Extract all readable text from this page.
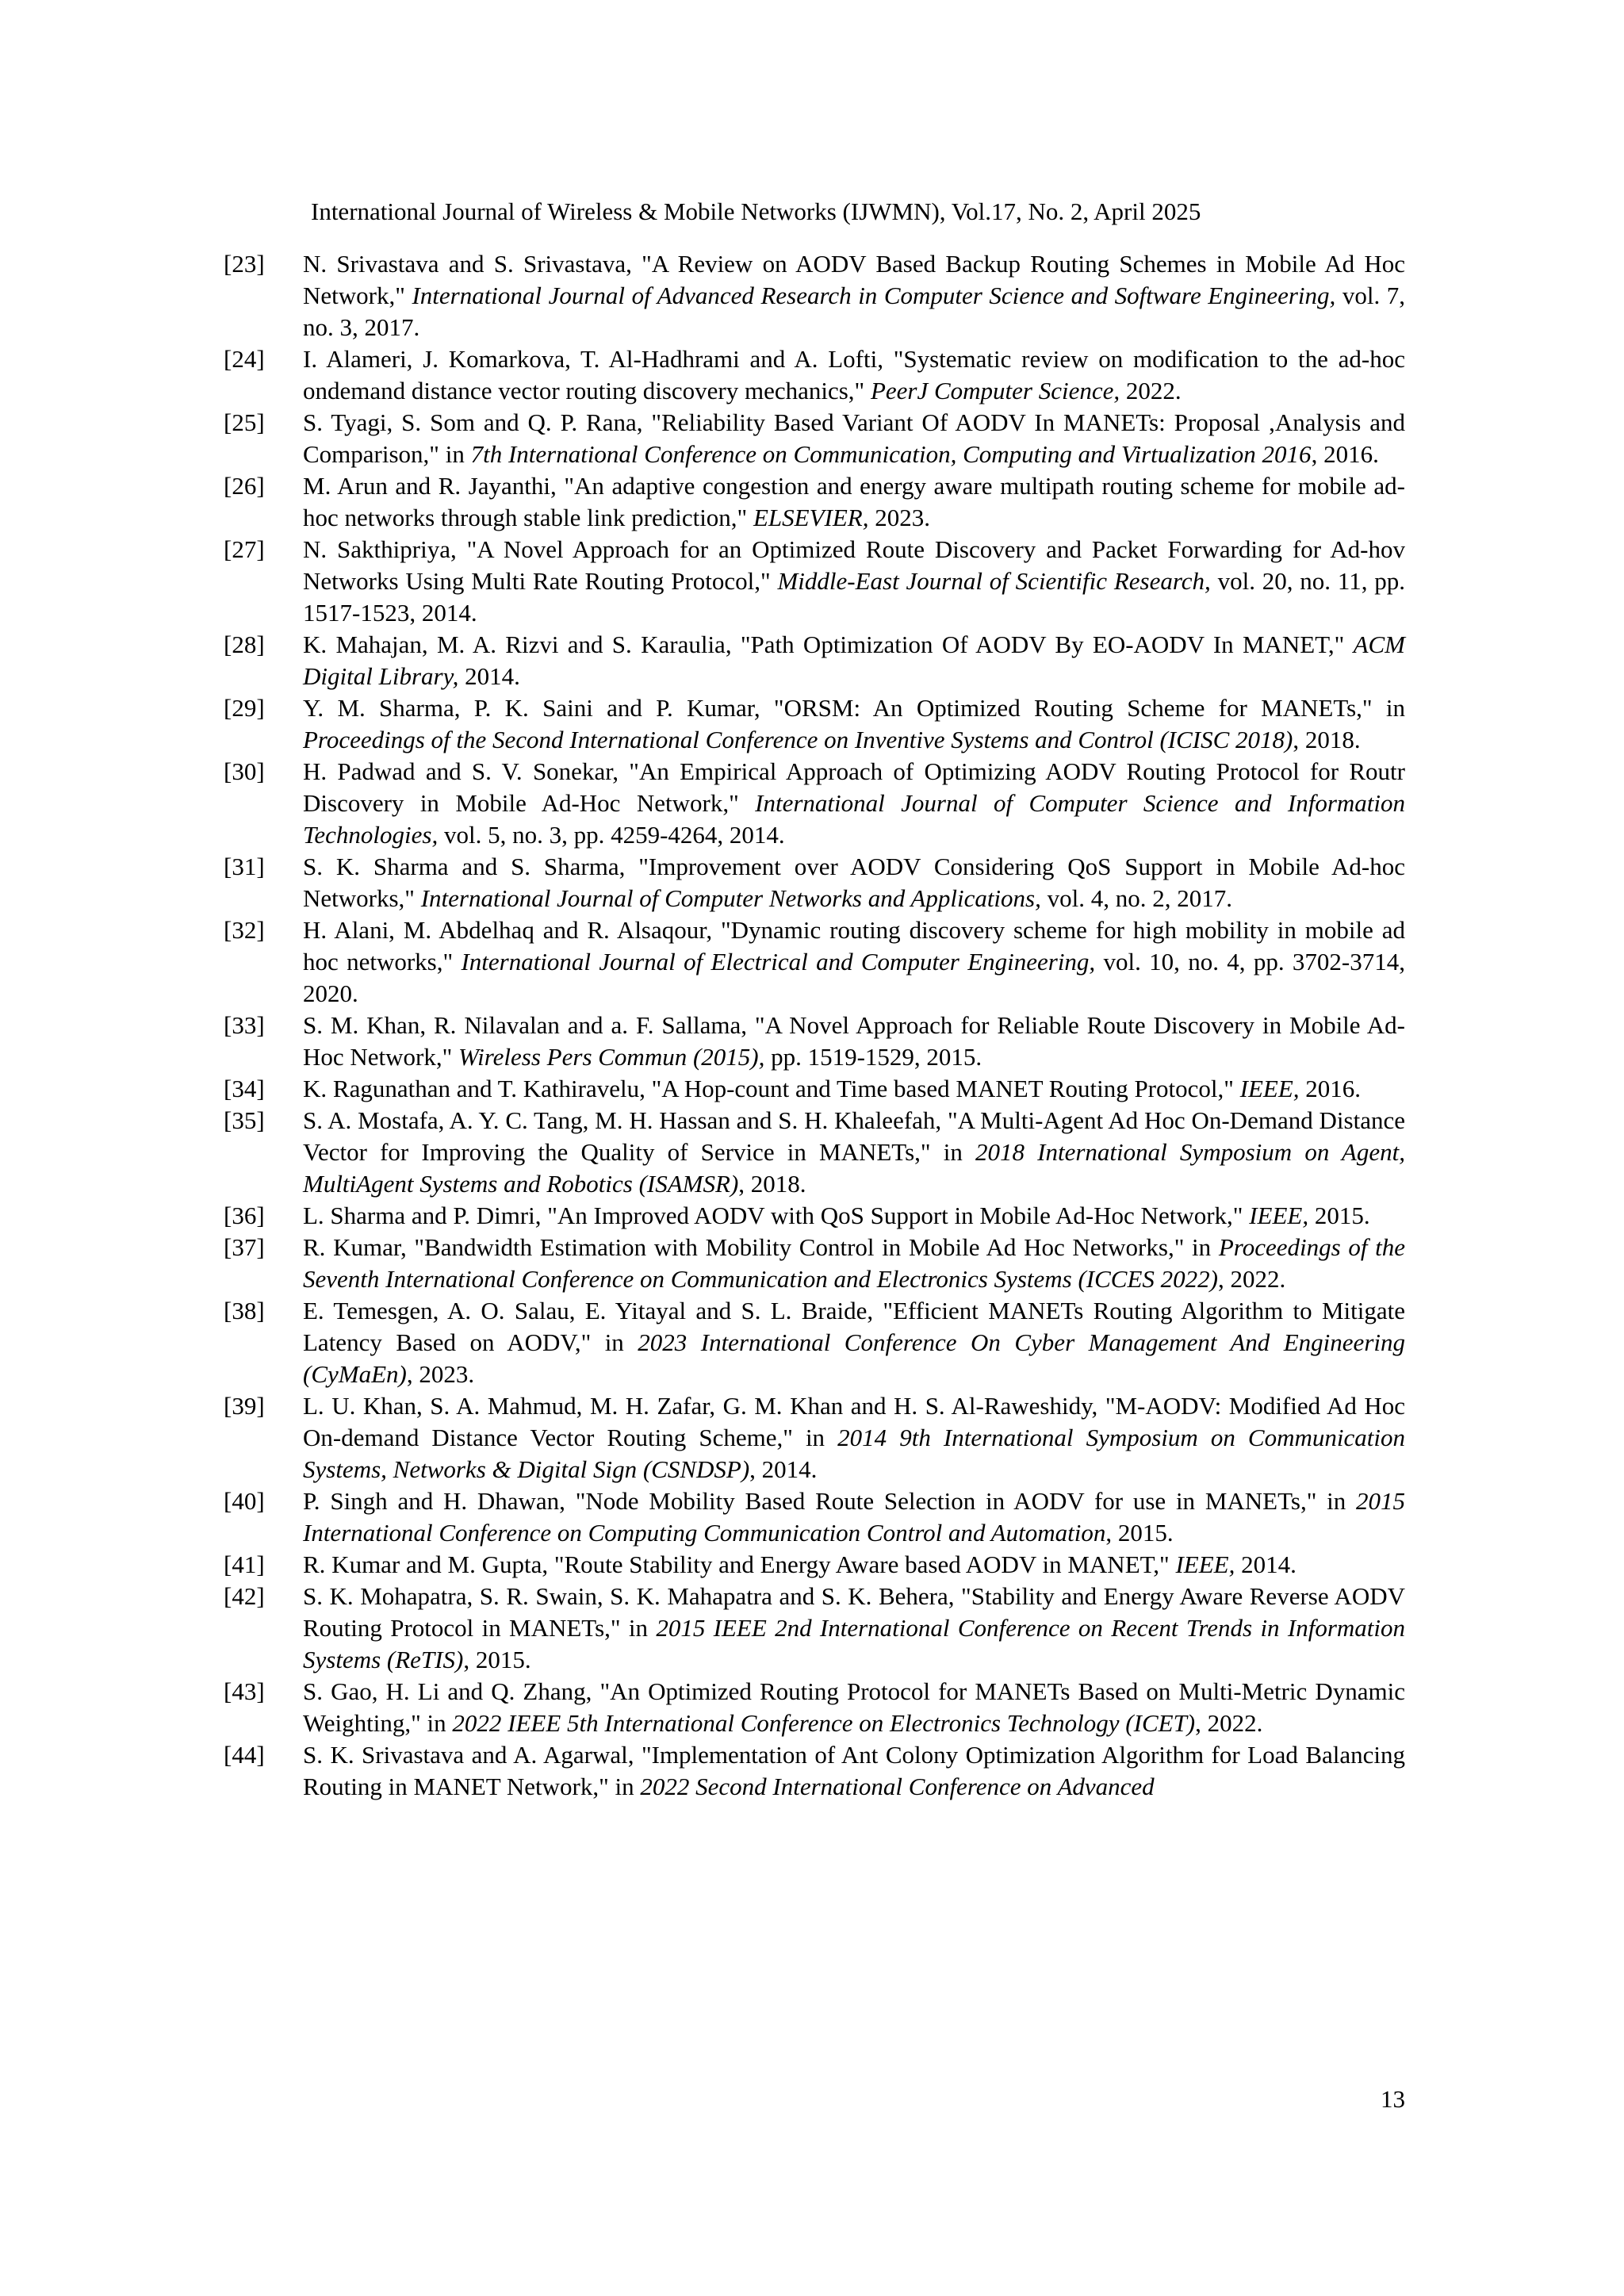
International Journal of Wireless & Mobile Networks (IJWMN), Vol.17, No. 2, April 2025
[23] N. Srivastava and S. Srivastava, "A Review on AODV Based Backup Routing Schemes in Mobile Ad Hoc Network," International Journal of Advanced Research in Computer Science and Software Engineering, vol. 7, no. 3, 2017.
[24] I. Alameri, J. Komarkova, T. Al-Hadhrami and A. Lofti, "Systematic review on modification to the ad-hoc ondemand distance vector routing discovery mechanics," PeerJ Computer Science, 2022.
[25] S. Tyagi, S. Som and Q. P. Rana, "Reliability Based Variant Of AODV In MANETs: Proposal ,Analysis and Comparison," in 7th International Conference on Communication, Computing and Virtualization 2016, 2016.
[26] M. Arun and R. Jayanthi, "An adaptive congestion and energy aware multipath routing scheme for mobile ad-hoc networks through stable link prediction," ELSEVIER, 2023.
[27] N. Sakthipriya, "A Novel Approach for an Optimized Route Discovery and Packet Forwarding for Ad-hov Networks Using Multi Rate Routing Protocol," Middle-East Journal of Scientific Research, vol. 20, no. 11, pp. 1517-1523, 2014.
[28] K. Mahajan, M. A. Rizvi and S. Karaulia, "Path Optimization Of AODV By EO-AODV In MANET," ACM Digital Library, 2014.
[29] Y. M. Sharma, P. K. Saini and P. Kumar, "ORSM: An Optimized Routing Scheme for MANETs," in Proceedings of the Second International Conference on Inventive Systems and Control (ICISC 2018), 2018.
[30] H. Padwad and S. V. Sonekar, "An Empirical Approach of Optimizing AODV Routing Protocol for Routr Discovery in Mobile Ad-Hoc Network," International Journal of Computer Science and Information Technologies, vol. 5, no. 3, pp. 4259-4264, 2014.
[31] S. K. Sharma and S. Sharma, "Improvement over AODV Considering QoS Support in Mobile Ad-hoc Networks," International Journal of Computer Networks and Applications, vol. 4, no. 2, 2017.
[32] H. Alani, M. Abdelhaq and R. Alsaqour, "Dynamic routing discovery scheme for high mobility in mobile ad hoc networks," International Journal of Electrical and Computer Engineering, vol. 10, no. 4, pp. 3702-3714, 2020.
[33] S. M. Khan, R. Nilavalan and a. F. Sallama, "A Novel Approach for Reliable Route Discovery in Mobile Ad-Hoc Network," Wireless Pers Commun (2015), pp. 1519-1529, 2015.
[34] K. Ragunathan and T. Kathiravelu, "A Hop-count and Time based MANET Routing Protocol," IEEE, 2016.
[35] S. A. Mostafa, A. Y. C. Tang, M. H. Hassan and S. H. Khaleefah, "A Multi-Agent Ad Hoc On-Demand Distance Vector for Improving the Quality of Service in MANETs," in 2018 International Symposium on Agent, MultiAgent Systems and Robotics (ISAMSR), 2018.
[36] L. Sharma and P. Dimri, "An Improved AODV with QoS Support in Mobile Ad-Hoc Network," IEEE, 2015.
[37] R. Kumar, "Bandwidth Estimation with Mobility Control in Mobile Ad Hoc Networks," in Proceedings of the Seventh International Conference on Communication and Electronics Systems (ICCES 2022), 2022.
[38] E. Temesgen, A. O. Salau, E. Yitayal and S. L. Braide, "Efficient MANETs Routing Algorithm to Mitigate Latency Based on AODV," in 2023 International Conference On Cyber Management And Engineering (CyMaEn), 2023.
[39] L. U. Khan, S. A. Mahmud, M. H. Zafar, G. M. Khan and H. S. Al-Raweshidy, "M-AODV: Modified Ad Hoc On-demand Distance Vector Routing Scheme," in 2014 9th International Symposium on Communication Systems, Networks & Digital Sign (CSNDSP), 2014.
[40] P. Singh and H. Dhawan, "Node Mobility Based Route Selection in AODV for use in MANETs," in 2015 International Conference on Computing Communication Control and Automation, 2015.
[41] R. Kumar and M. Gupta, "Route Stability and Energy Aware based AODV in MANET," IEEE, 2014.
[42] S. K. Mohapatra, S. R. Swain, S. K. Mahapatra and S. K. Behera, "Stability and Energy Aware Reverse AODV Routing Protocol in MANETs," in 2015 IEEE 2nd International Conference on Recent Trends in Information Systems (ReTIS), 2015.
[43] S. Gao, H. Li and Q. Zhang, "An Optimized Routing Protocol for MANETs Based on Multi-Metric Dynamic Weighting," in 2022 IEEE 5th International Conference on Electronics Technology (ICET), 2022.
[44] S. K. Srivastava and A. Agarwal, "Implementation of Ant Colony Optimization Algorithm for Load Balancing Routing in MANET Network," in 2022 Second International Conference on Advanced
13
